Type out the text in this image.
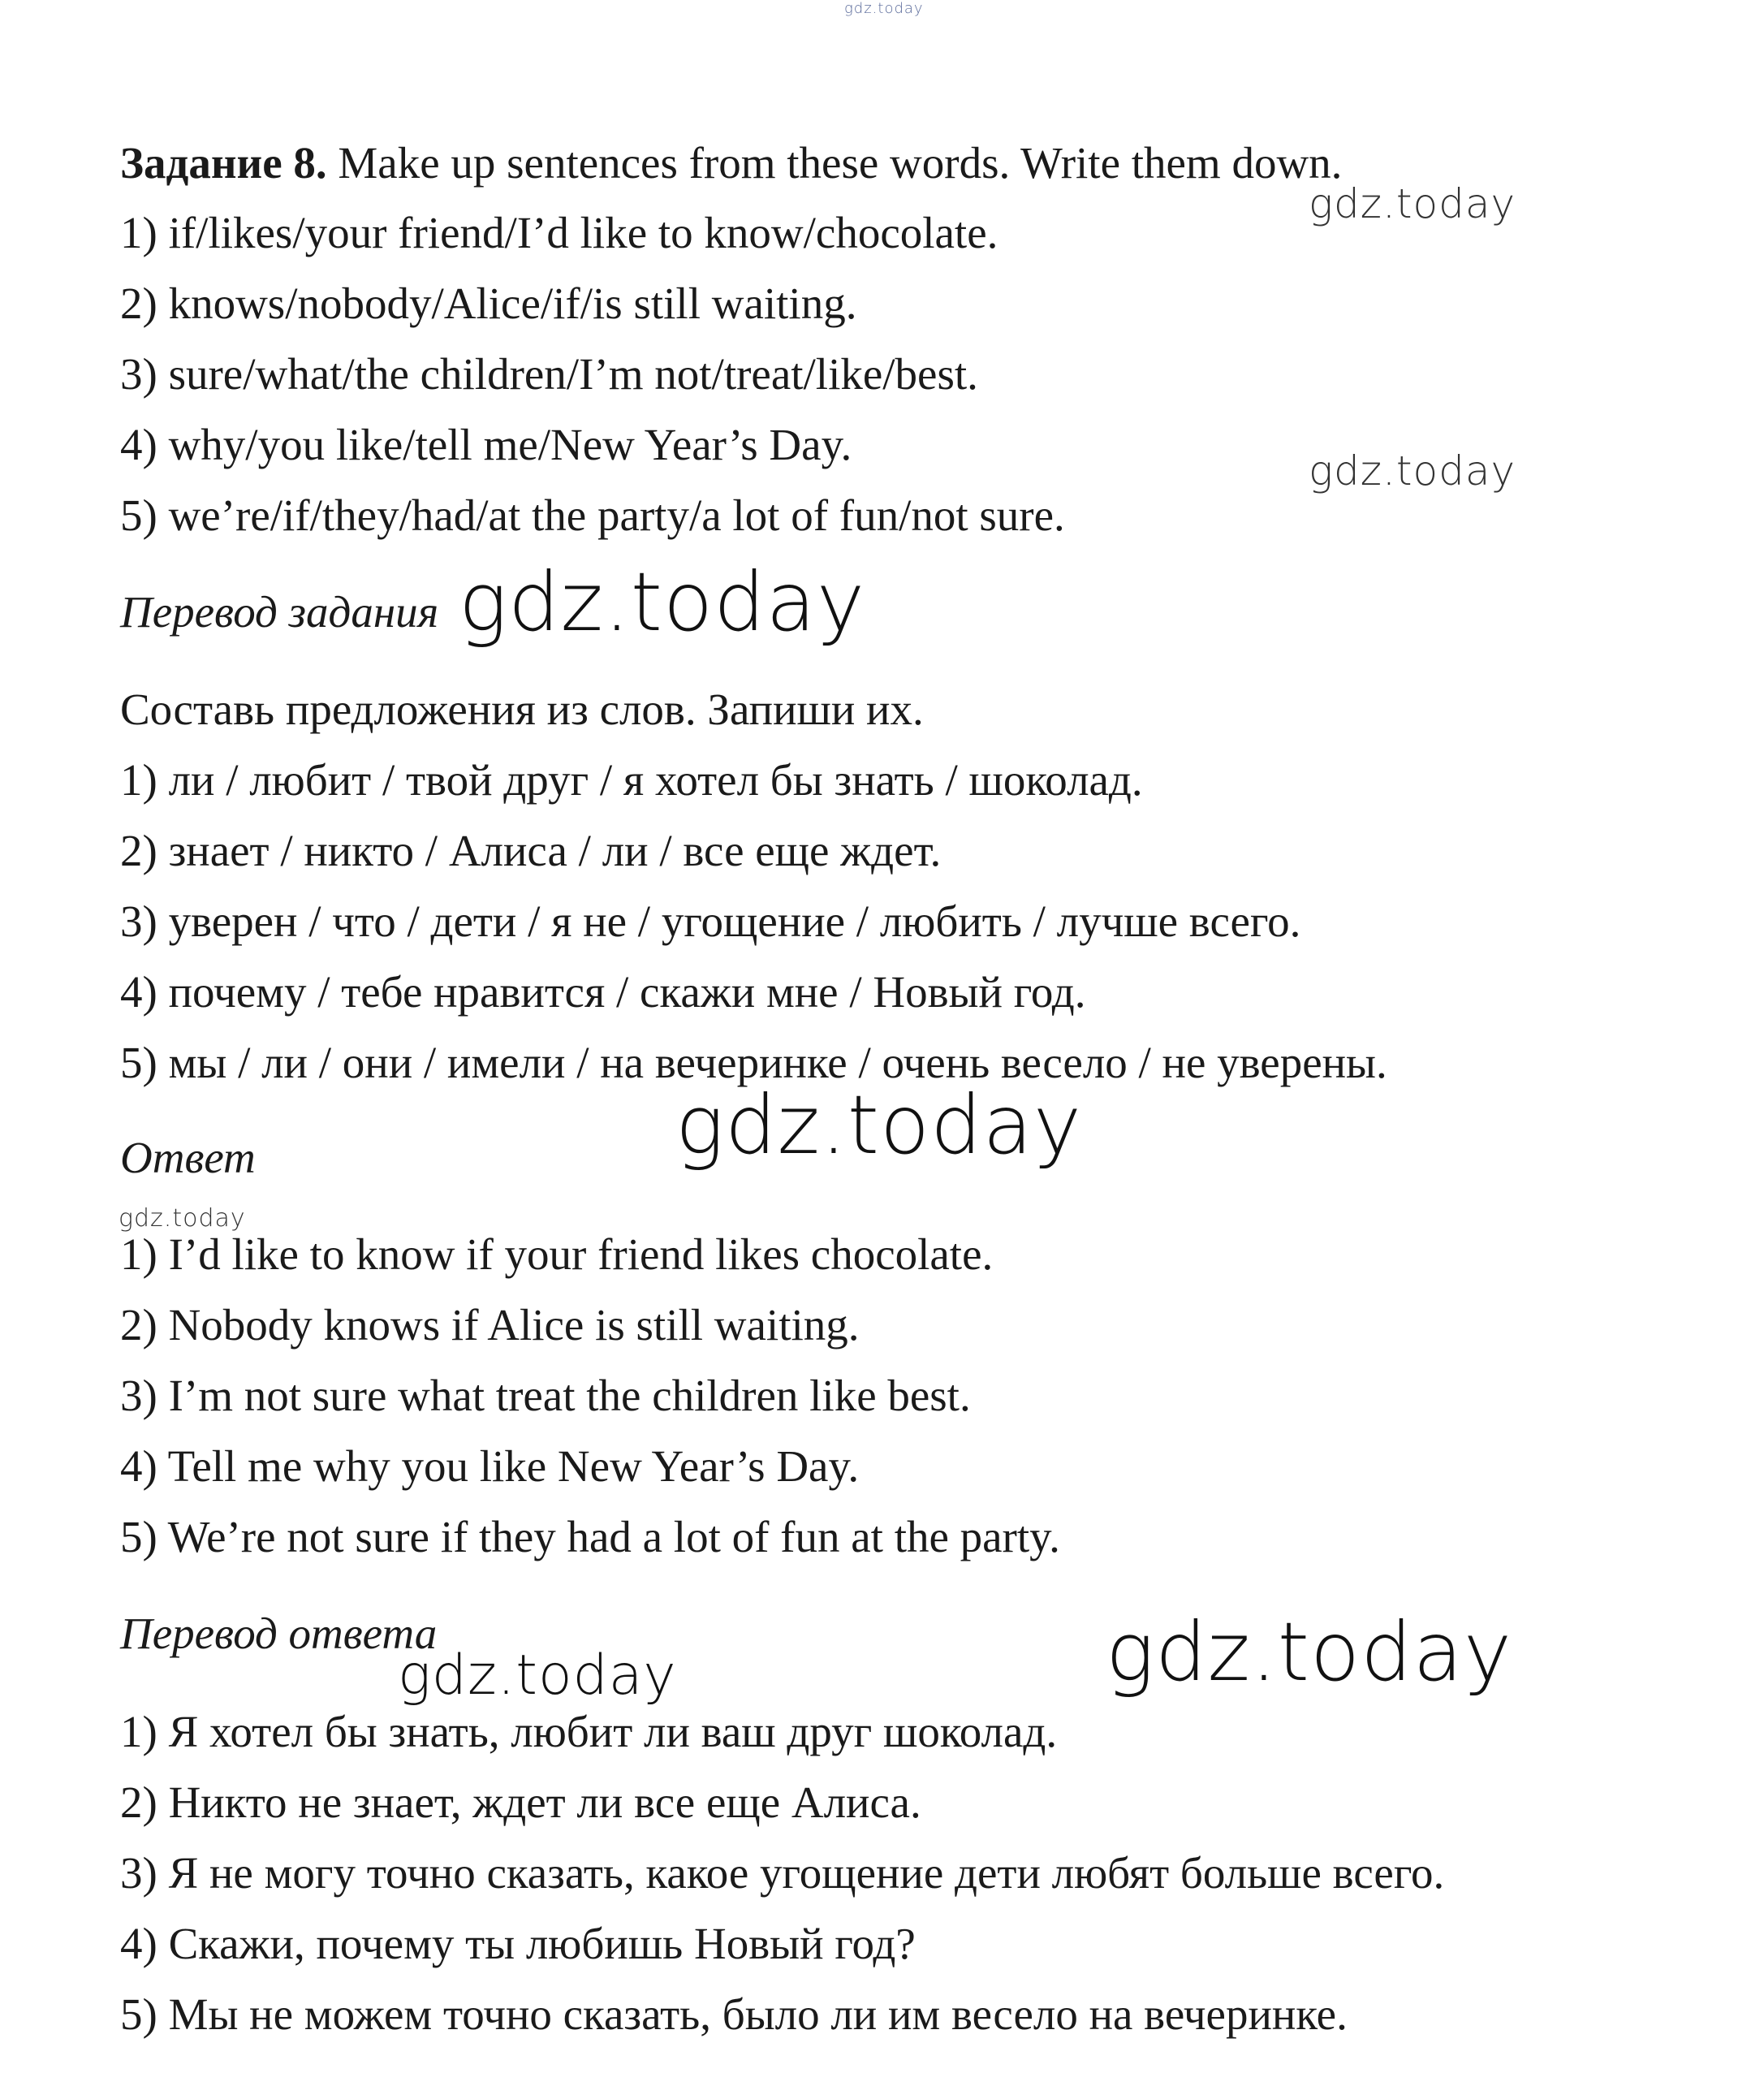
gdz.today
Задание 8. Make up sentences from these words. Write them down.
gdz.today
1) if/likes/your friend/I’d like to know/chocolate.
2) knows/nobody/Alice/if/is still waiting.
3) sure/what/the children/I’m not/treat/like/best.
4) why/you like/tell me/New Year’s Day.
gdz.today
5) we’re/if/they/had/at the party/a lot of fun/not sure.
Перевод задания gdz.today
Составь предложения из слов. Запиши их.
1) ли / любит / твой друг / я хотел бы знать / шоколад.
2) знает / никто / Алиса / ли / все еще ждет.
3) уверен / что / дети / я не / угощение / любить / лучше всего.
4) почему / тебе нравится / скажи мне / Новый год.
5) мы / ли / они / имели / на вечеринке / очень весело / не уверены.
Ответ	gdz.today
gdz.today
1) I’d like to know if your friend likes chocolate.
2) Nobody knows if Alice is still waiting.
3) I’m not sure what treat the children like best.
4) Tell me why you like New Year’s Day.
5) We’re not sure if they had a lot of fun at the party.
Перевод ответа
gdz.today	gdz.today
1) Я хотел бы знать, любит ли ваш друг шоколад.
2) Никто не знает, ждет ли все еще Алиса.
3) Я не могу точно сказать, какое угощение дети любят больше всего.
4) Скажи, почему ты любишь Новый год?
5) Мы не можем точно сказать, было ли им весело на вечеринке.
